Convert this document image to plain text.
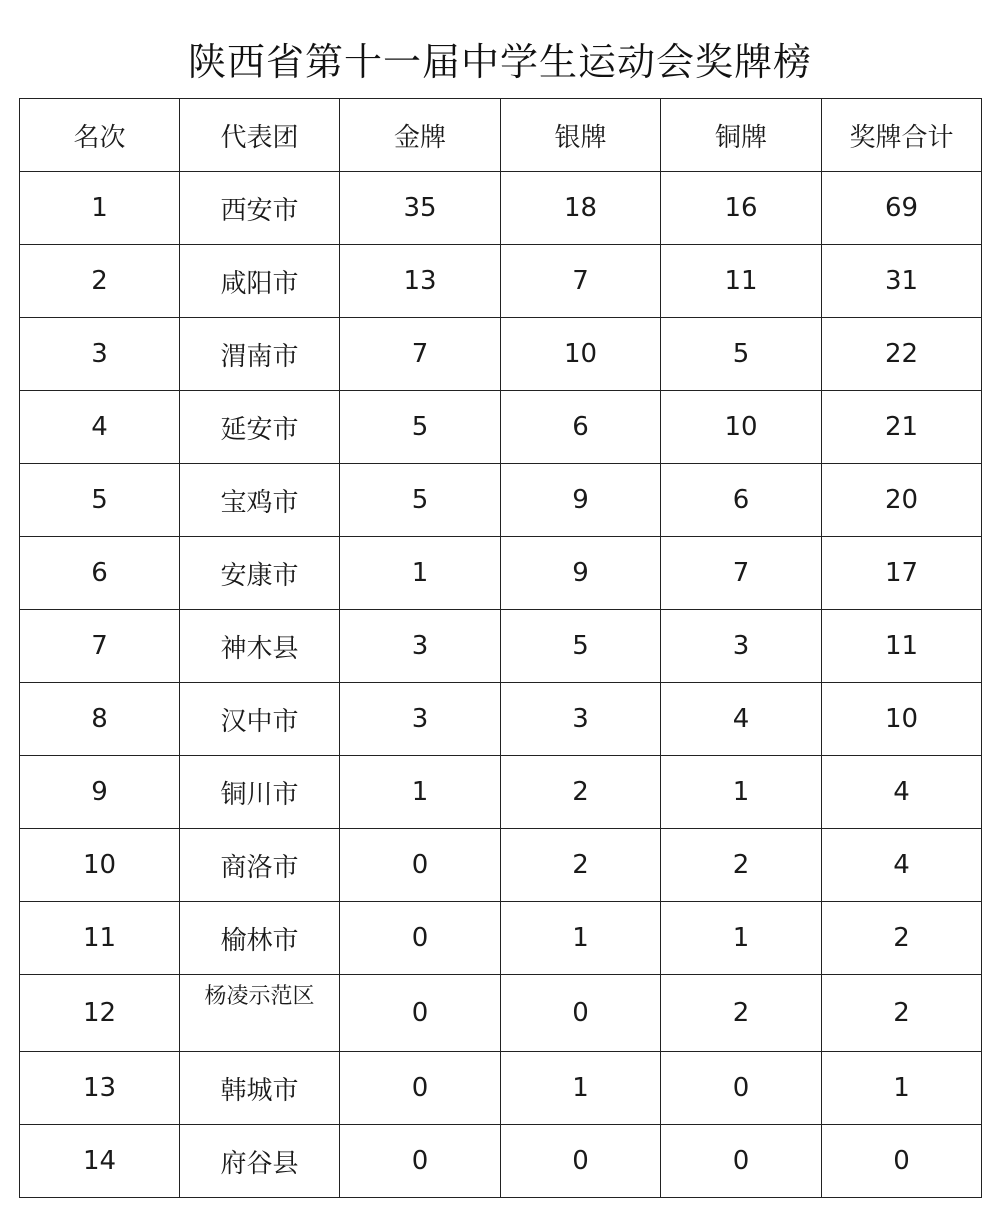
陕西省第十一届中学生运动会奖牌榜
名次	代表团	金牌	银牌	铜牌	奖牌合计
1	西安市	35	18	16	69
2	咸阳市	13	7	11	31
3	渭南市	7	10	5	22
4	延安市	5	6	10	21
5	宝鸡市	5	9	6	20
6	安康市	1	9	7	17
7	神木县	3	5	3	11
8	汉中市	3	3	4	10
9	铜川市	1	2	1	4
10	商洛市	0	2	2	4
11	榆林市	0	1	1	2
12	杨凌示范区	0	0	2	2
13	韩城市	0	1	0	1
14	府谷县	0	0	0	0
